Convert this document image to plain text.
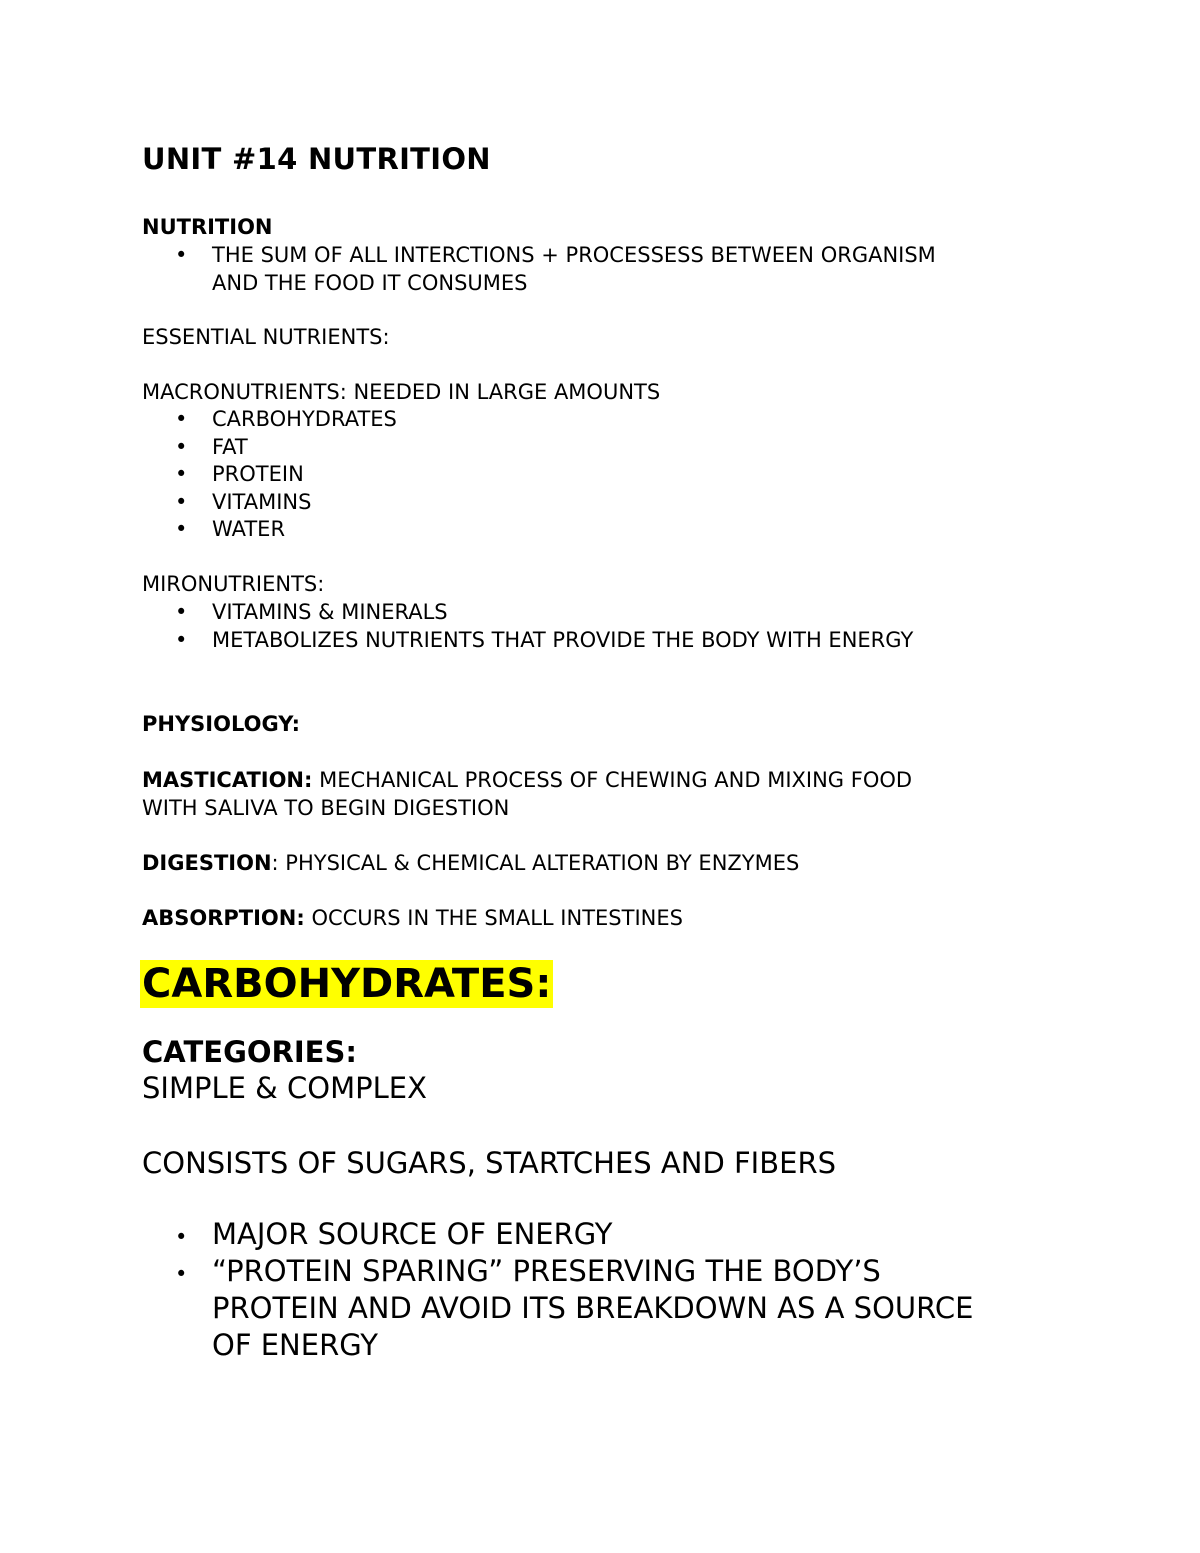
UNIT #14 NUTRITION
NUTRITION
• THE SUM OF ALL INTERCTIONS + PROCESSESS BETWEEN ORGANISM
AND THE FOOD IT CONSUMES
ESSENTIAL NUTRIENTS:
MACRONUTRIENTS: NEEDED IN LARGE AMOUNTS
• CARBOHYDRATES
• FAT
• PROTEIN
• VITAMINS
• WATER
MIRONUTRIENTS:
• VITAMINS & MINERALS
• METABOLIZES NUTRIENTS THAT PROVIDE THE BODY WITH ENERGY
PHYSIOLOGY:
MASTICATION: MECHANICAL PROCESS OF CHEWING AND MIXING FOOD
WITH SALIVA TO BEGIN DIGESTION
DIGESTION: PHYSICAL & CHEMICAL ALTERATION BY ENZYMES
ABSORPTION: OCCURS IN THE SMALL INTESTINES
CARBOHYDRATES:
CATEGORIES:
SIMPLE & COMPLEX
CONSISTS OF SUGARS, STARTCHES AND FIBERS
• MAJOR SOURCE OF ENERGY
• “PROTEIN SPARING” PRESERVING THE BODY’S
PROTEIN AND AVOID ITS BREAKDOWN AS A SOURCE
OF ENERGY
